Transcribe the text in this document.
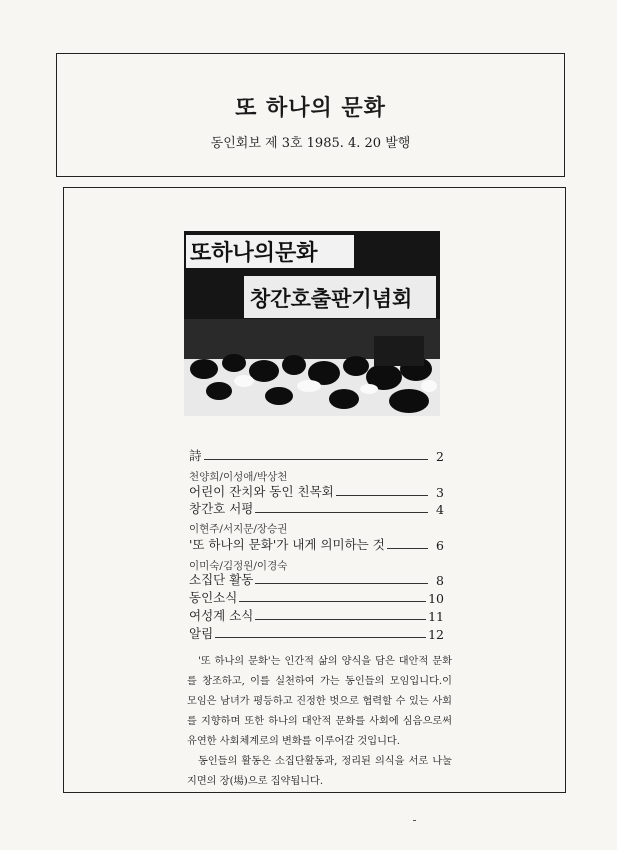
또 하나의 문화
동인회보 제 3호 1985. 4. 20 발행
또하나의문화
창간호출판기념회
詩	2
천양희/이성애/박상천
어린이 잔치와 동인 친목회	3
창간호 서평	4
이현주/서지문/장승권
'또 하나의 문화'가 내게 의미하는 것	6
이미숙/김정원/이경숙
소집단 활동	8
동인소식	10
여성계 소식	11
알림	12

'또 하나의 문화'는 인간적 삶의 양식을 담은 대안적 문화를 창조하고, 이를 실천하여 가는 동인들의 모임입니다.이 모임은 남녀가 평등하고 진정한 벗으로 협력할 수 있는 사회를 지향하며 또한 하나의 대안적 문화를 사회에 심음으로써 유연한 사회체계로의 변화를 이루어갈 것입니다.

동인들의 활동은 소집단활동과, 정리된 의식을 서로 나눌 지면의 장(場)으로 집약됩니다.
